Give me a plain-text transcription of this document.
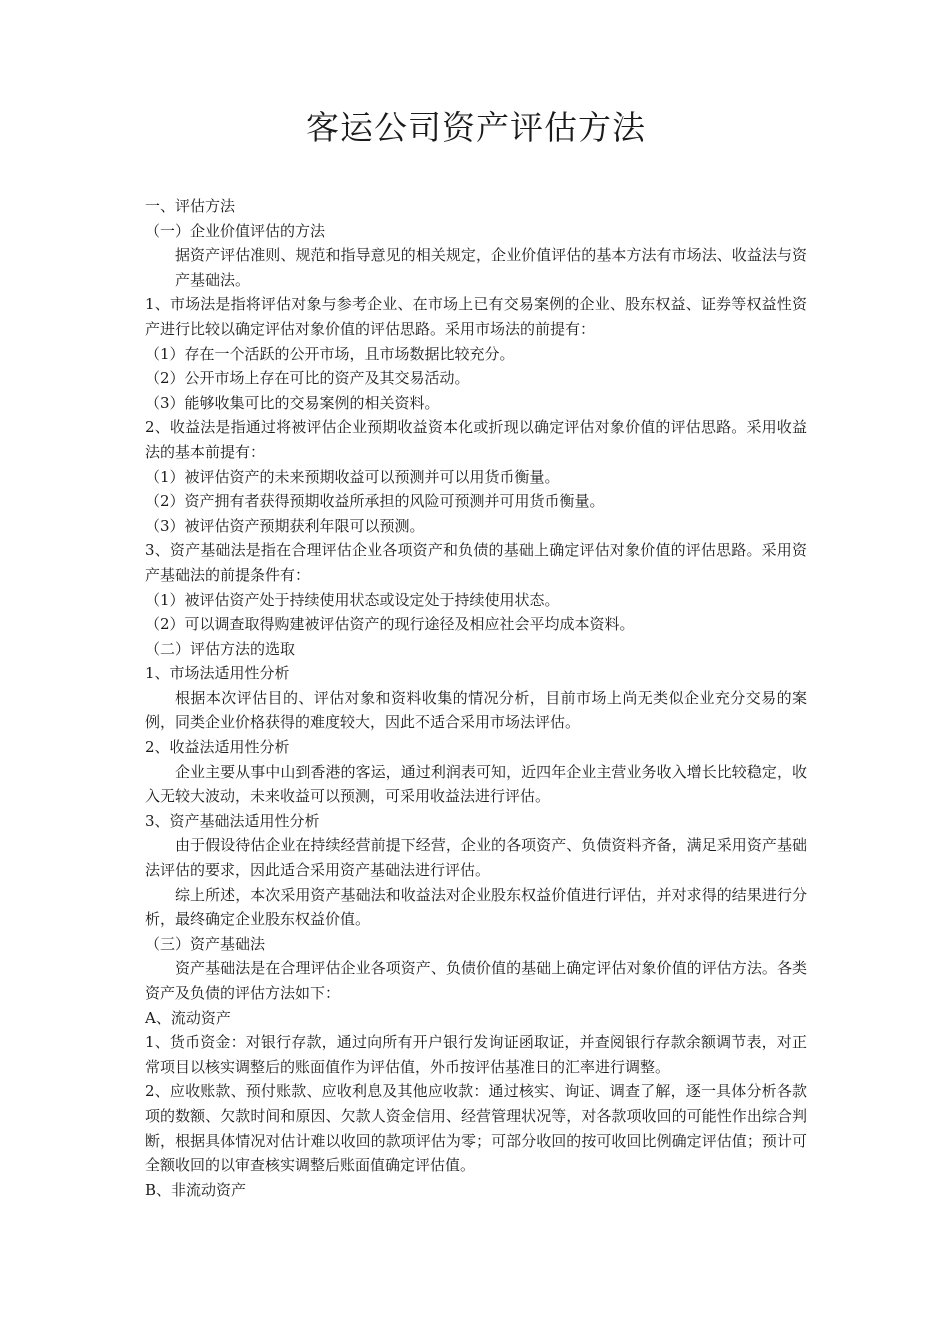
客运公司资产评估方法

一、评估方法

（一）企业价值评估的方法

据资产评估准则、规范和指导意见的相关规定，企业价值评估的基本方法有市场法、收益法与资产基础法。

1、市场法是指将评估对象与参考企业、在市场上已有交易案例的企业、股东权益、证券等权益性资产进行比较以确定评估对象价值的评估思路。采用市场法的前提有：

（1）存在一个活跃的公开市场，且市场数据比较充分。

（2）公开市场上存在可比的资产及其交易活动。

（3）能够收集可比的交易案例的相关资料。

2、收益法是指通过将被评估企业预期收益资本化或折现以确定评估对象价值的评估思路。采用收益法的基本前提有：

（1）被评估资产的未来预期收益可以预测并可以用货币衡量。

（2）资产拥有者获得预期收益所承担的风险可预测并可用货币衡量。

（3）被评估资产预期获利年限可以预测。

3、资产基础法是指在合理评估企业各项资产和负债的基础上确定评估对象价值的评估思路。采用资产基础法的前提条件有：

（1）被评估资产处于持续使用状态或设定处于持续使用状态。

（2）可以调查取得购建被评估资产的现行途径及相应社会平均成本资料。

（二）评估方法的选取

1、市场法适用性分析

根据本次评估目的、评估对象和资料收集的情况分析，目前市场上尚无类似企业充分交易的案例，同类企业价格获得的难度较大，因此不适合采用市场法评估。

2、收益法适用性分析

企业主要从事中山到香港的客运，通过利润表可知，近四年企业主营业务收入增长比较稳定，收入无较大波动，未来收益可以预测，可采用收益法进行评估。

3、资产基础法适用性分析

由于假设待估企业在持续经营前提下经营，企业的各项资产、负债资料齐备，满足采用资产基础法评估的要求，因此适合采用资产基础法进行评估。

综上所述，本次采用资产基础法和收益法对企业股东权益价值进行评估，并对求得的结果进行分析，最终确定企业股东权益价值。

（三）资产基础法

资产基础法是在合理评估企业各项资产、负债价值的基础上确定评估对象价值的评估方法。各类资产及负债的评估方法如下：

A、流动资产

1、货币资金：对银行存款，通过向所有开户银行发询证函取证，并查阅银行存款余额调节表，对正常项目以核实调整后的账面值作为评估值，外币按评估基准日的汇率进行调整。

2、应收账款、预付账款、应收利息及其他应收款：通过核实、询证、调查了解，逐一具体分析各款项的数额、欠款时间和原因、欠款人资金信用、经营管理状况等，对各款项收回的可能性作出综合判断，根据具体情况对估计难以收回的款项评估为零；可部分收回的按可收回比例确定评估值；预计可全额收回的以审查核实调整后账面值确定评估值。

B、非流动资产
